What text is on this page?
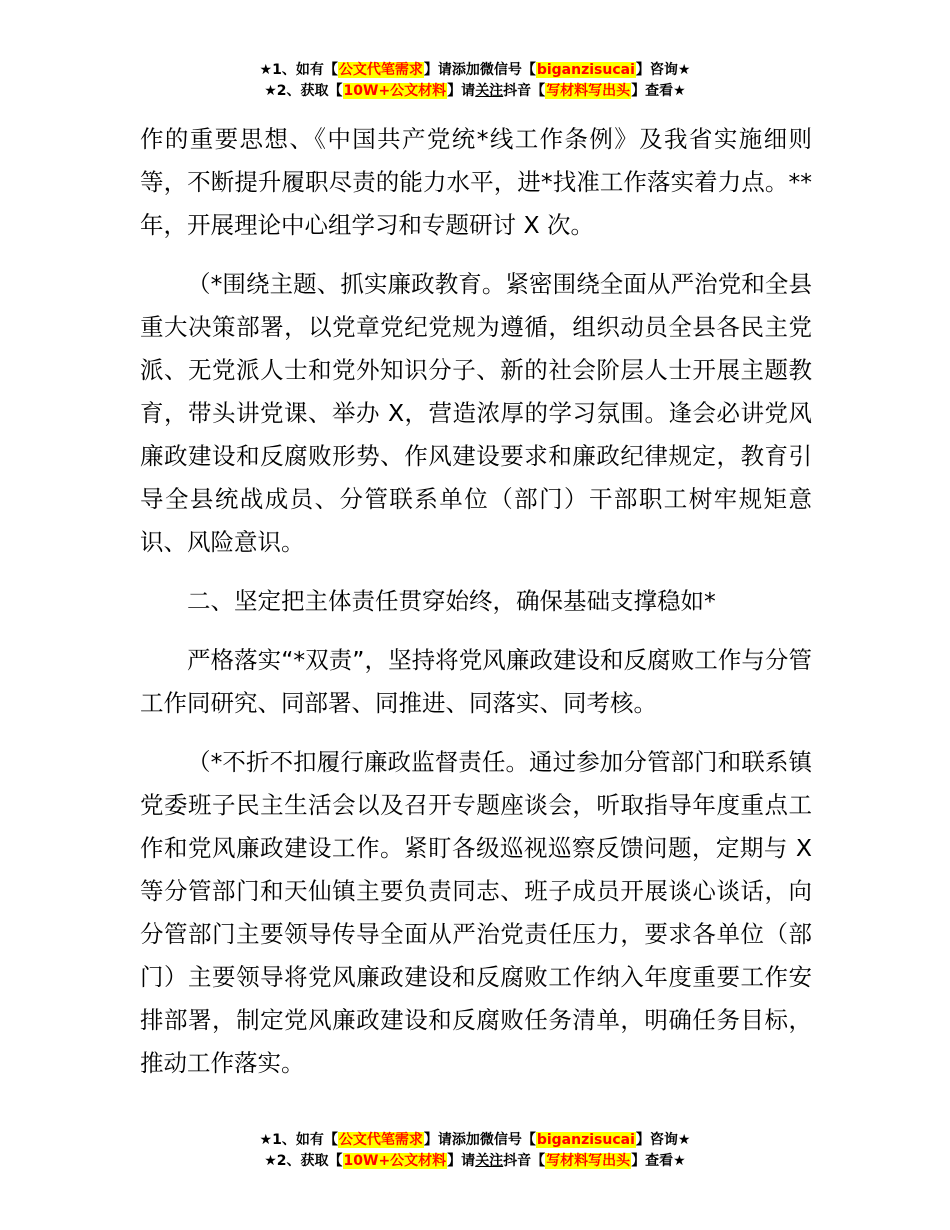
★1、如有【公文代笔需求】请添加微信号【biganzisucai】咨询★
★2、获取【10W+公文材料】请关注抖音【写材料写出头】查看★

作的重要思想、《中国共产党统*线工作条例》及我省实施细则等，不断提升履职尽责的能力水平，进*找准工作落实着力点。**年，开展理论中心组学习和专题研讨 X 次。

（*围绕主题、抓实廉政教育。紧密围绕全面从严治党和全县重大决策部署，以党章党纪党规为遵循，组织动员全县各民主党派、无党派人士和党外知识分子、新的社会阶层人士开展主题教育，带头讲党课、举办 X，营造浓厚的学习氛围。逢会必讲党风廉政建设和反腐败形势、作风建设要求和廉政纪律规定，教育引导全县统战成员、分管联系单位（部门）干部职工树牢规矩意识、风险意识。

二、坚定把主体责任贯穿始终，确保基础支撑稳如*

严格落实“*双责”，坚持将党风廉政建设和反腐败工作与分管工作同研究、同部署、同推进、同落实、同考核。

（*不折不扣履行廉政监督责任。通过参加分管部门和联系镇党委班子民主生活会以及召开专题座谈会，听取指导年度重点工作和党风廉政建设工作。紧盯各级巡视巡察反馈问题，定期与 X 等分管部门和天仙镇主要负责同志、班子成员开展谈心谈话，向分管部门主要领导传导全面从严治党责任压力，要求各单位（部门）主要领导将党风廉政建设和反腐败工作纳入年度重要工作安排部署，制定党风廉政建设和反腐败任务清单，明确任务目标，推动工作落实。

★1、如有【公文代笔需求】请添加微信号【biganzisucai】咨询★
★2、获取【10W+公文材料】请关注抖音【写材料写出头】查看★
